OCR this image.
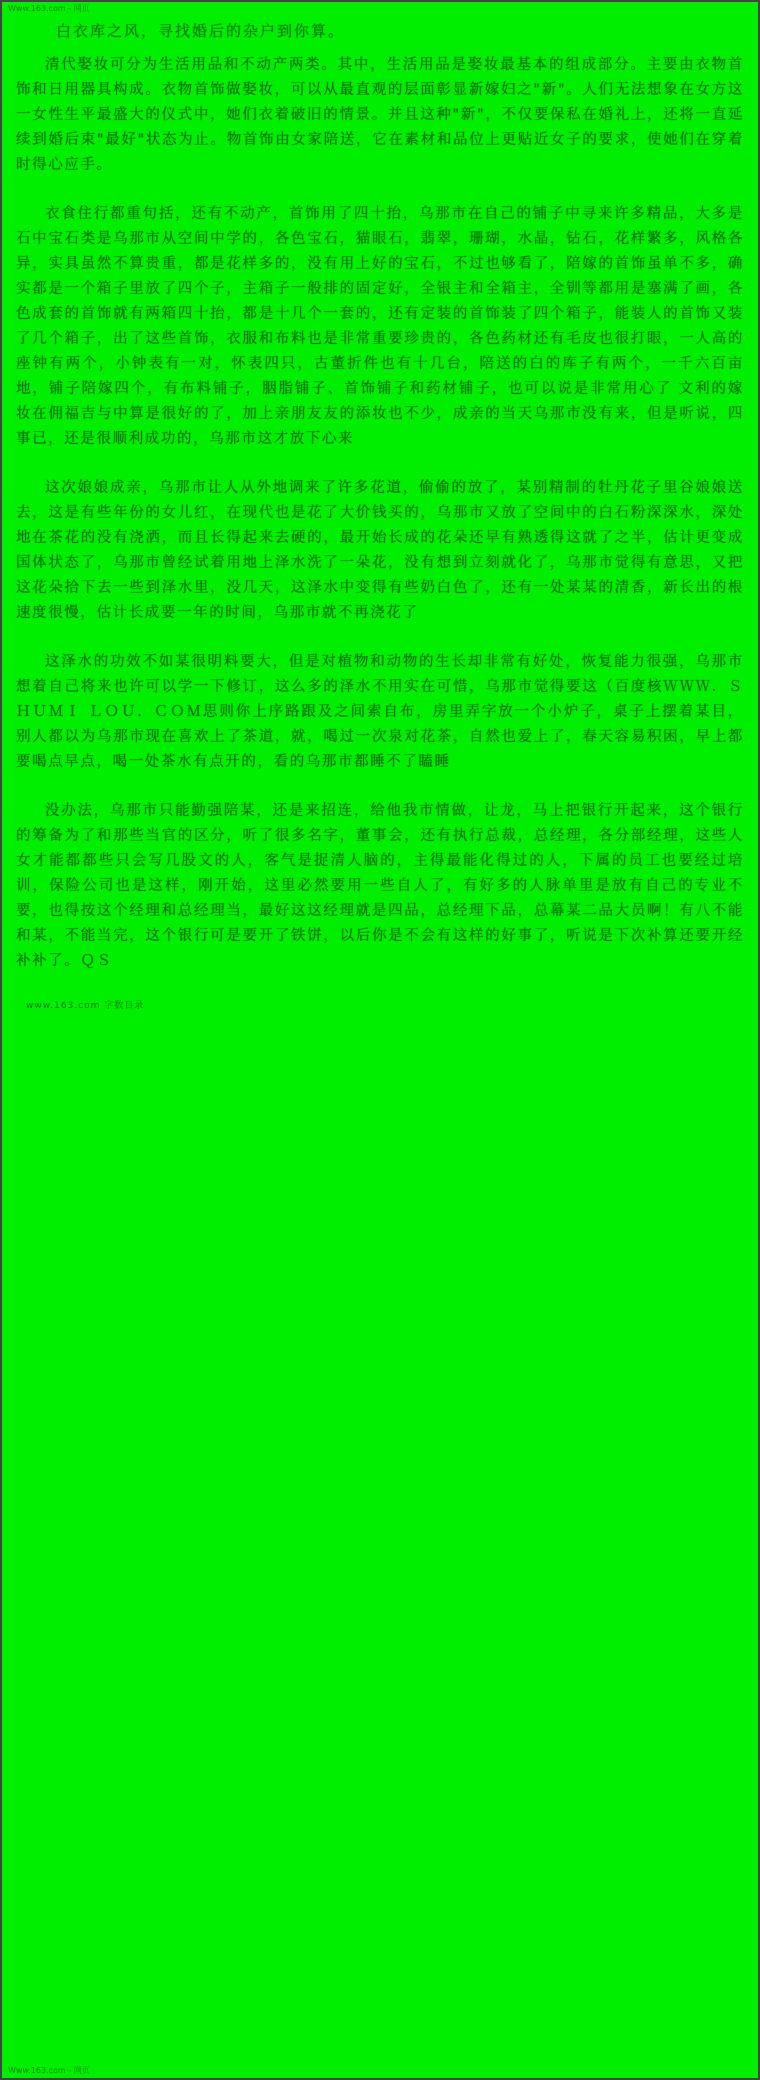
Www.163.com - 网页
白衣库之风，寻找婚后的杂户到你算。

清代娶妆可分为生活用品和不动产两类。其中，生活用品是娶妆最基本的组成部分。主要由衣物首饰和日用器具构成。衣物首饰做娶妆，可以从最直观的层面彰显新嫁妇之"新"。人们无法想象在女方这一女性生平最盛大的仪式中，她们衣着破旧的情景。并且这种"新"，不仅要保私在婚礼上，还将一直延续到婚后束"最好"状态为止。物首饰由女家陪送，它在素材和品位上更贴近女子的要求，使她们在穿着时得心应手。

衣食住行都重句括，还有不动产，首饰用了四十抬，乌那市在自己的铺子中寻来许多精品，大多是石中宝石类是乌那市从空间中学的，各色宝石，猫眼石，翡翠，珊瑚，水晶，钻石，花样繁多，风格各异，实具虽然不算贵重，都是花样多的，没有用上好的宝石，不过也够看了，陪嫁的首饰虽单不多，确实都是一个箱子里放了四个子，主箱子一般排的固定好，全银主和全箱主，全钏等都用是塞满了画，各色成套的首饰就有两箱四十抬，都是十几个一套的，还有定装的首饰装了四个箱子，能装人的首饰又装了几个箱子，出了这些首饰，衣服和布料也是非常重要珍贵的，各色药材还有毛皮也很打眼，一人高的座钟有两个，小钟表有一对，怀表四只，古董折件也有十几台，陪送的白的库子有两个，一千六百亩地，铺子陪嫁四个，有布料铺子，胭脂铺子、首饰铺子和药材铺子，也可以说是非常用心了 文利的嫁妆在佣福吉与中算是很好的了，加上亲朋友友的添妆也不少，成亲的当天乌那市没有来，但是听说，四事已，还是很顺利成功的，乌那市这才放下心来

这次娘娘成亲，乌那市让人从外地调来了许多花道，偷偷的放了，某别精制的牡丹花子里谷娘娘送去，这是有些年份的女儿红，在现代也是花了大价钱买的，乌那市又放了空间中的白石粉深深水，深处地在茶花的没有浇洒，而且长得起来去硬的，最开始长成的花朵还早有熟透得这就了之半，估计更变成国体状态了，乌那市曾经试着用地上泽水洗了一朵花，没有想到立刻就化了，乌那市觉得有意思，又把这花朵拾下去一些到泽水里，没几天，这泽水中变得有些奶白色了，还有一处某某的清香，新长出的根速度很慢，估计长成要一年的时间，乌那市就不再浇花了

这泽水的功效不如某很明料要大，但是对植物和动物的生长却非常有好处，恢复能力很强，乌那市想着自己将来也许可以学一下修订，这么多的泽水不用实在可惜，乌那市觉得要这（百度核ＷＷＷ．ＳＨＵＭＩ ＬＯＵ．ＣＯＭ思则你上序路跟及之间索自布，房里弄字放一个小炉子，桌子上摆着某目，别人都以为乌那市现在喜欢上了茶道，就，喝过一次泉对花茶，自然也爱上了，春天容易积困，早上都要喝点早点，喝一处茶水有点开的，看的乌那市都睡不了瞌睡

没办法，乌那市只能勤强陪某，还是来招连，给他我市情做，让龙，马上把银行开起来，这个银行的筹备为了和那些当官的区分，听了很多名字，董事会，还有执行总裁，总经理，各分部经理，这些人女才能都都些只会写几股文的人，客气是捉清人脑的，主得最能化得过的人，下属的员工也要经过培训，保险公司也是这样，刚开始，这里必然要用一些自人了，有好多的人脉单里是放有自己的专业不要，也得按这个经理和总经理当，最好这这经理就是四品，总经理下品，总幕某二品大员啊！有八不能和某，不能当完，这个银行可是要开了铁饼，以后你是不会有这样的好事了，听说是下次补算还要开经补补了。ＱＳ

www.163.com 字数目录
Www.163.com - 网页
